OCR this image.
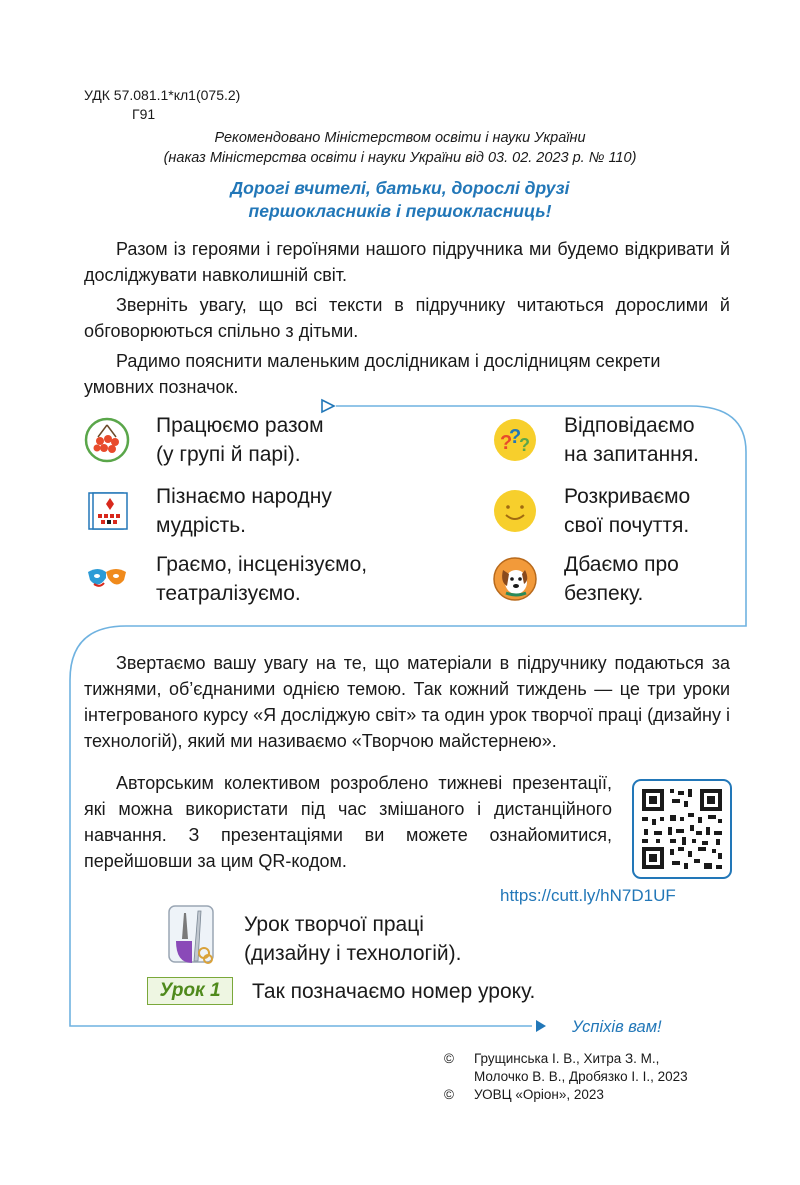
УДК 57.081.1*кл1(075.2)
Г91
Рекомендовано Міністерством освіти і науки України
(наказ Міністерства освіти і науки України від 03. 02. 2023 р. № 110)
Дорогі вчителі, батьки, дорослі друзі
першокласників і першокласниць!

Разом із героями і героїнями нашого підручника ми будемо відкривати й досліджувати навколишній світ.

Зверніть увагу, що всі тексти в підручнику читаються дорослими й обговорюються спільно з дітьми.

Радимо пояснити маленьким дослідникам і дослідницям секрети умовних позначок.

Працюємо разом
(у групі й парі).	?
?
?
Відповідаємо
на запитання.
Пізнаємо народну
мудрість.
Розкриваємо
свої почуття.
Граємо, інсценізуємо,
театралізуємо.
Дбаємо про
безпеку.

Звертаємо вашу увагу на те, що матеріали в підручнику подаються за тижнями, об’єднаними однією темою. Так кожний тиждень — це три уроки інтегрованого курсу «Я досліджую світ» та один урок творчої праці (дизайну і технологій), який ми називаємо «Творчою майстернею».

Авторським колективом розроблено тижневі презентації, які можна використати під час змішаного і дистанційного навчання. З презентаціями ви можете ознайомитися, перейшовши за цим QR-кодом.
https://cutt.ly/hN7D1UF
Урок творчої праці
(дизайну і технологій).
Урок 1	Так позначаємо номер уроку.
Успіхів вам!
©	Грущинська І. В., Хитра З. М.,
Молочко В. В., Дробязко І. І., 2023
©	УОВЦ «Оріон», 2023
